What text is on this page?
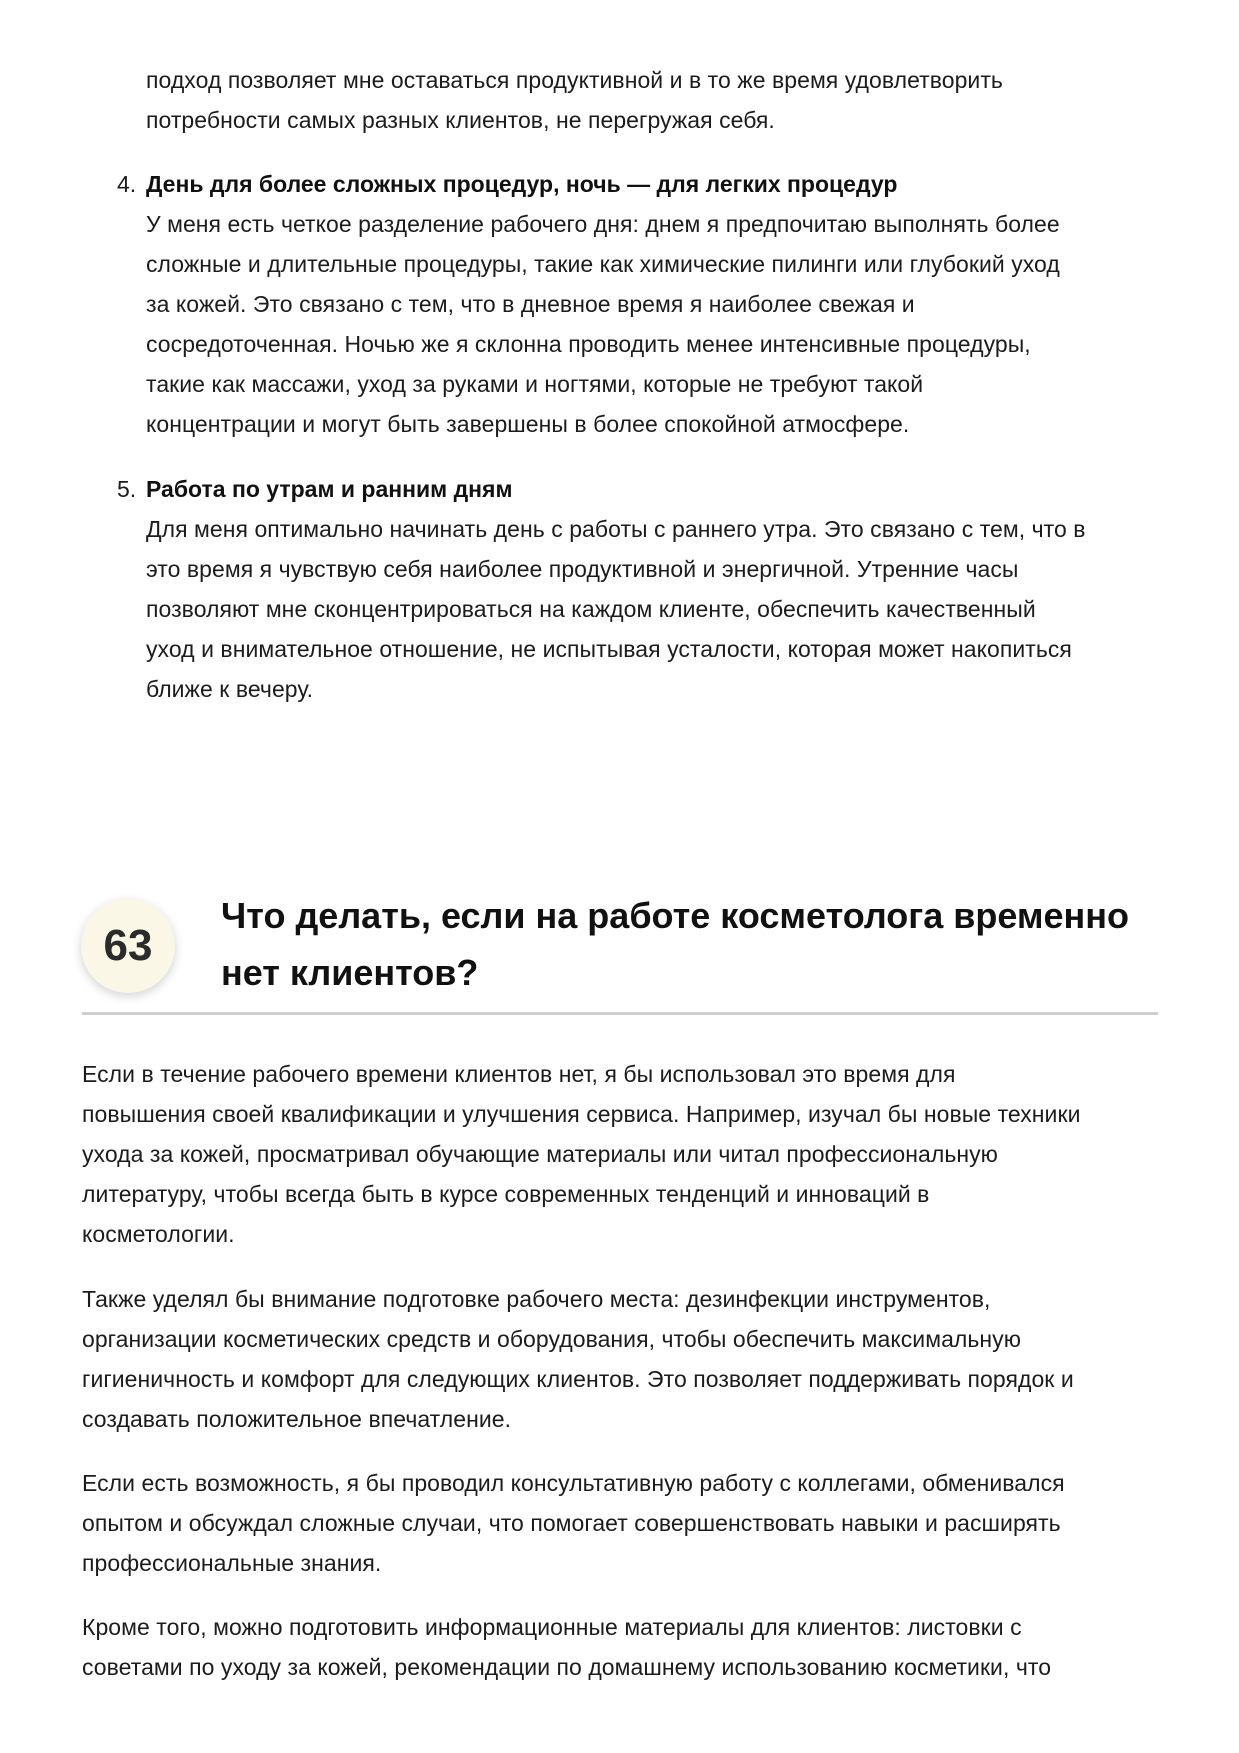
подход позволяет мне оставаться продуктивной и в то же время удовлетворить
потребности самых разных клиентов, не перегружая себя.
4. День для более сложных процедур, ночь — для легких процедур
У меня есть четкое разделение рабочего дня: днем я предпочитаю выполнять более
сложные и длительные процедуры, такие как химические пилинги или глубокий уход
за кожей. Это связано с тем, что в дневное время я наиболее свежая и
сосредоточенная. Ночью же я склонна проводить менее интенсивные процедуры,
такие как массажи, уход за руками и ногтями, которые не требуют такой
концентрации и могут быть завершены в более спокойной атмосфере.
5. Работа по утрам и ранним дням
Для меня оптимально начинать день с работы с раннего утра. Это связано с тем, что в
это время я чувствую себя наиболее продуктивной и энергичной. Утренние часы
позволяют мне сконцентрироваться на каждом клиенте, обеспечить качественный
уход и внимательное отношение, не испытывая усталости, которая может накопиться
ближе к вечеру.
63
Что делать, если на работе косметолога временно
нет клиентов?
Если в течение рабочего времени клиентов нет, я бы использовал это время для
повышения своей квалификации и улучшения сервиса. Например, изучал бы новые техники
ухода за кожей, просматривал обучающие материалы или читал профессиональную
литературу, чтобы всегда быть в курсе современных тенденций и инноваций в
косметологии.
Также уделял бы внимание подготовке рабочего места: дезинфекции инструментов,
организации косметических средств и оборудования, чтобы обеспечить максимальную
гигиеничность и комфорт для следующих клиентов. Это позволяет поддерживать порядок и
создавать положительное впечатление.
Если есть возможность, я бы проводил консультативную работу с коллегами, обменивался
опытом и обсуждал сложные случаи, что помогает совершенствовать навыки и расширять
профессиональные знания.
Кроме того, можно подготовить информационные материалы для клиентов: листовки с
советами по уходу за кожей, рекомендации по домашнему использованию косметики, что
